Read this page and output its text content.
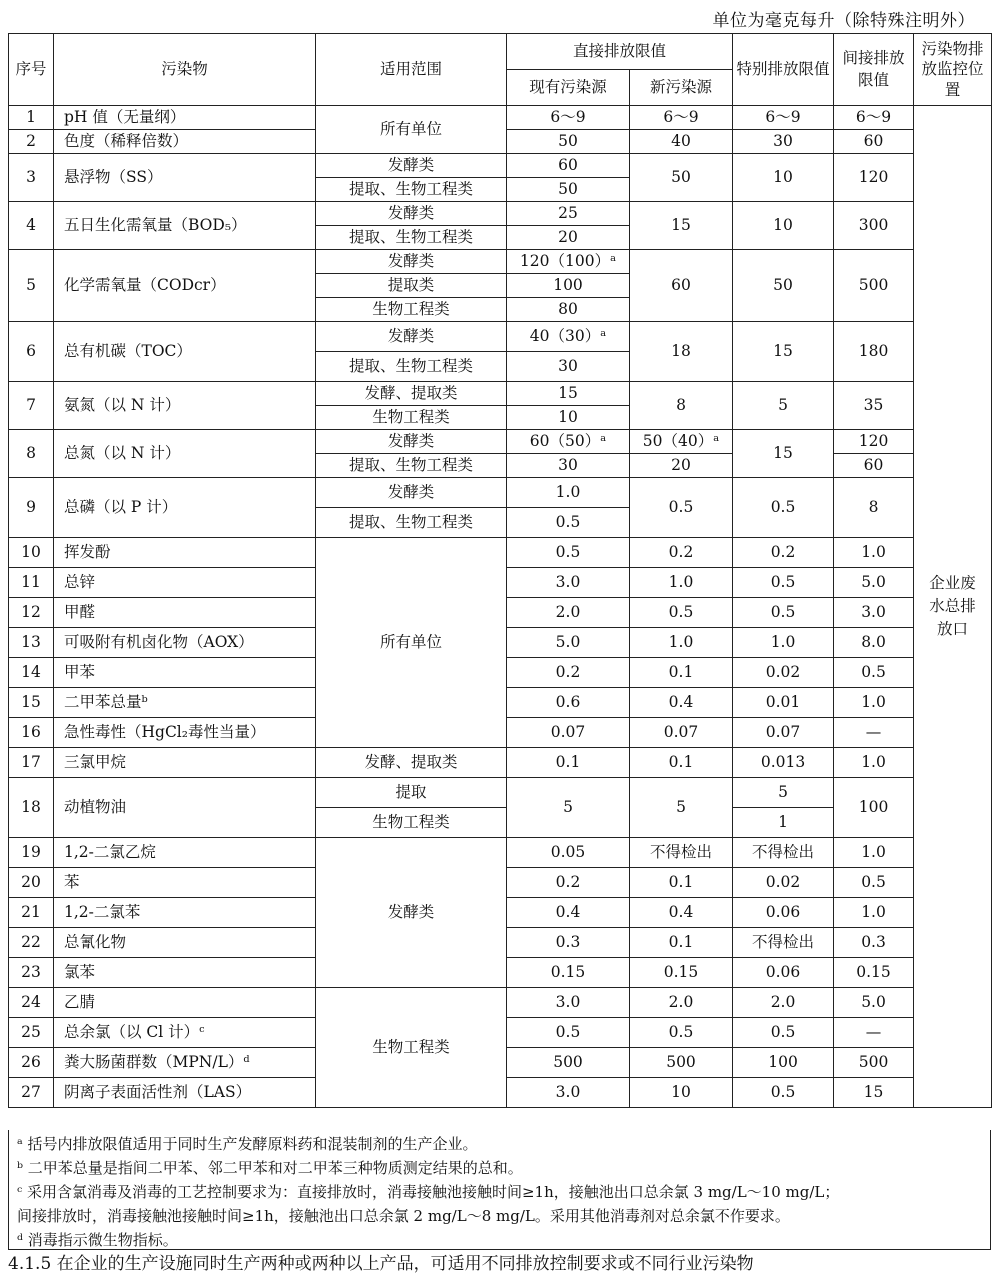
单位为毫克每升（除特殊注明外）
序号	污染物	适用范围	直接排放限值		特别排放限值	间接排放限值	污染物排放监控位置
			现有污染源	新污染源			
1	pH 值（无量纲）	所有单位	6～9	6～9	6～9	6～9	企业废水总排放口
2	色度（稀释倍数）		50	40	30	60	
3	悬浮物（SS）	发酵类	60	50	10	120	
		提取、生物工程类	50				
4	五日生化需氧量（BOD₅）	发酵类	25	15	10	300	
		提取、生物工程类	20				
5	化学需氧量（CODcr）	发酵类	120（100）ᵃ	60	50	500	
		提取类	100				
		生物工程类	80				
6	总有机碳（TOC）	发酵类	40（30）ᵃ	18	15	180	
		提取、生物工程类	30				
7	氨氮（以 N 计）	发酵、提取类	15	8	5	35	
		生物工程类	10				
8	总氮（以 N 计）	发酵类	60（50）ᵃ	50（40）ᵃ	15	120	
		提取、生物工程类	30	20		60	
9	总磷（以 P 计）	发酵类	1.0	0.5	0.5	8	
		提取、生物工程类	0.5				
10	挥发酚	所有单位	0.5	0.2	0.2	1.0	
11	总锌		3.0	1.0	0.5	5.0	
12	甲醛		2.0	0.5	0.5	3.0	
13	可吸附有机卤化物（AOX）		5.0	1.0	1.0	8.0	
14	甲苯		0.2	0.1	0.02	0.5	
15	二甲苯总量ᵇ		0.6	0.4	0.01	1.0	
16	急性毒性（HgCl₂毒性当量）		0.07	0.07	0.07	—	
17	三氯甲烷	发酵、提取类	0.1	0.1	0.013	1.0	
18	动植物油	提取	5	5	5	100	
		生物工程类			1		
19	1,2-二氯乙烷	发酵类	0.05	不得检出	不得检出	1.0	
20	苯		0.2	0.1	0.02	0.5	
21	1,2-二氯苯		0.4	0.4	0.06	1.0	
22	总氰化物		0.3	0.1	不得检出	0.3	
23	氯苯		0.15	0.15	0.06	0.15	
24	乙腈	生物工程类	3.0	2.0	2.0	5.0	
25	总余氯（以 Cl 计）ᶜ		0.5	0.5	0.5	—	
26	粪大肠菌群数（MPN/L）ᵈ		500	500	100	500	
27	阴离子表面活性剂（LAS）		3.0	10	0.5	15	
ᵃ 括号内排放限值适用于同时生产发酵原料药和混装制剂的生产企业。
ᵇ 二甲苯总量是指间二甲苯、邻二甲苯和对二甲苯三种物质测定结果的总和。
ᶜ 采用含氯消毒及消毒的工艺控制要求为：直接排放时，消毒接触池接触时间≥1h，接触池出口总余氯 3 mg/L～10 mg/L；
间接排放时，消毒接触池接触时间≥1h，接触池出口总余氯 2 mg/L～8 mg/L。采用其他消毒剂对总余氯不作要求。
ᵈ 消毒指示微生物指标。
4.1.5 在企业的生产设施同时生产两种或两种以上产品，可适用不同排放控制要求或不同行业污染物
